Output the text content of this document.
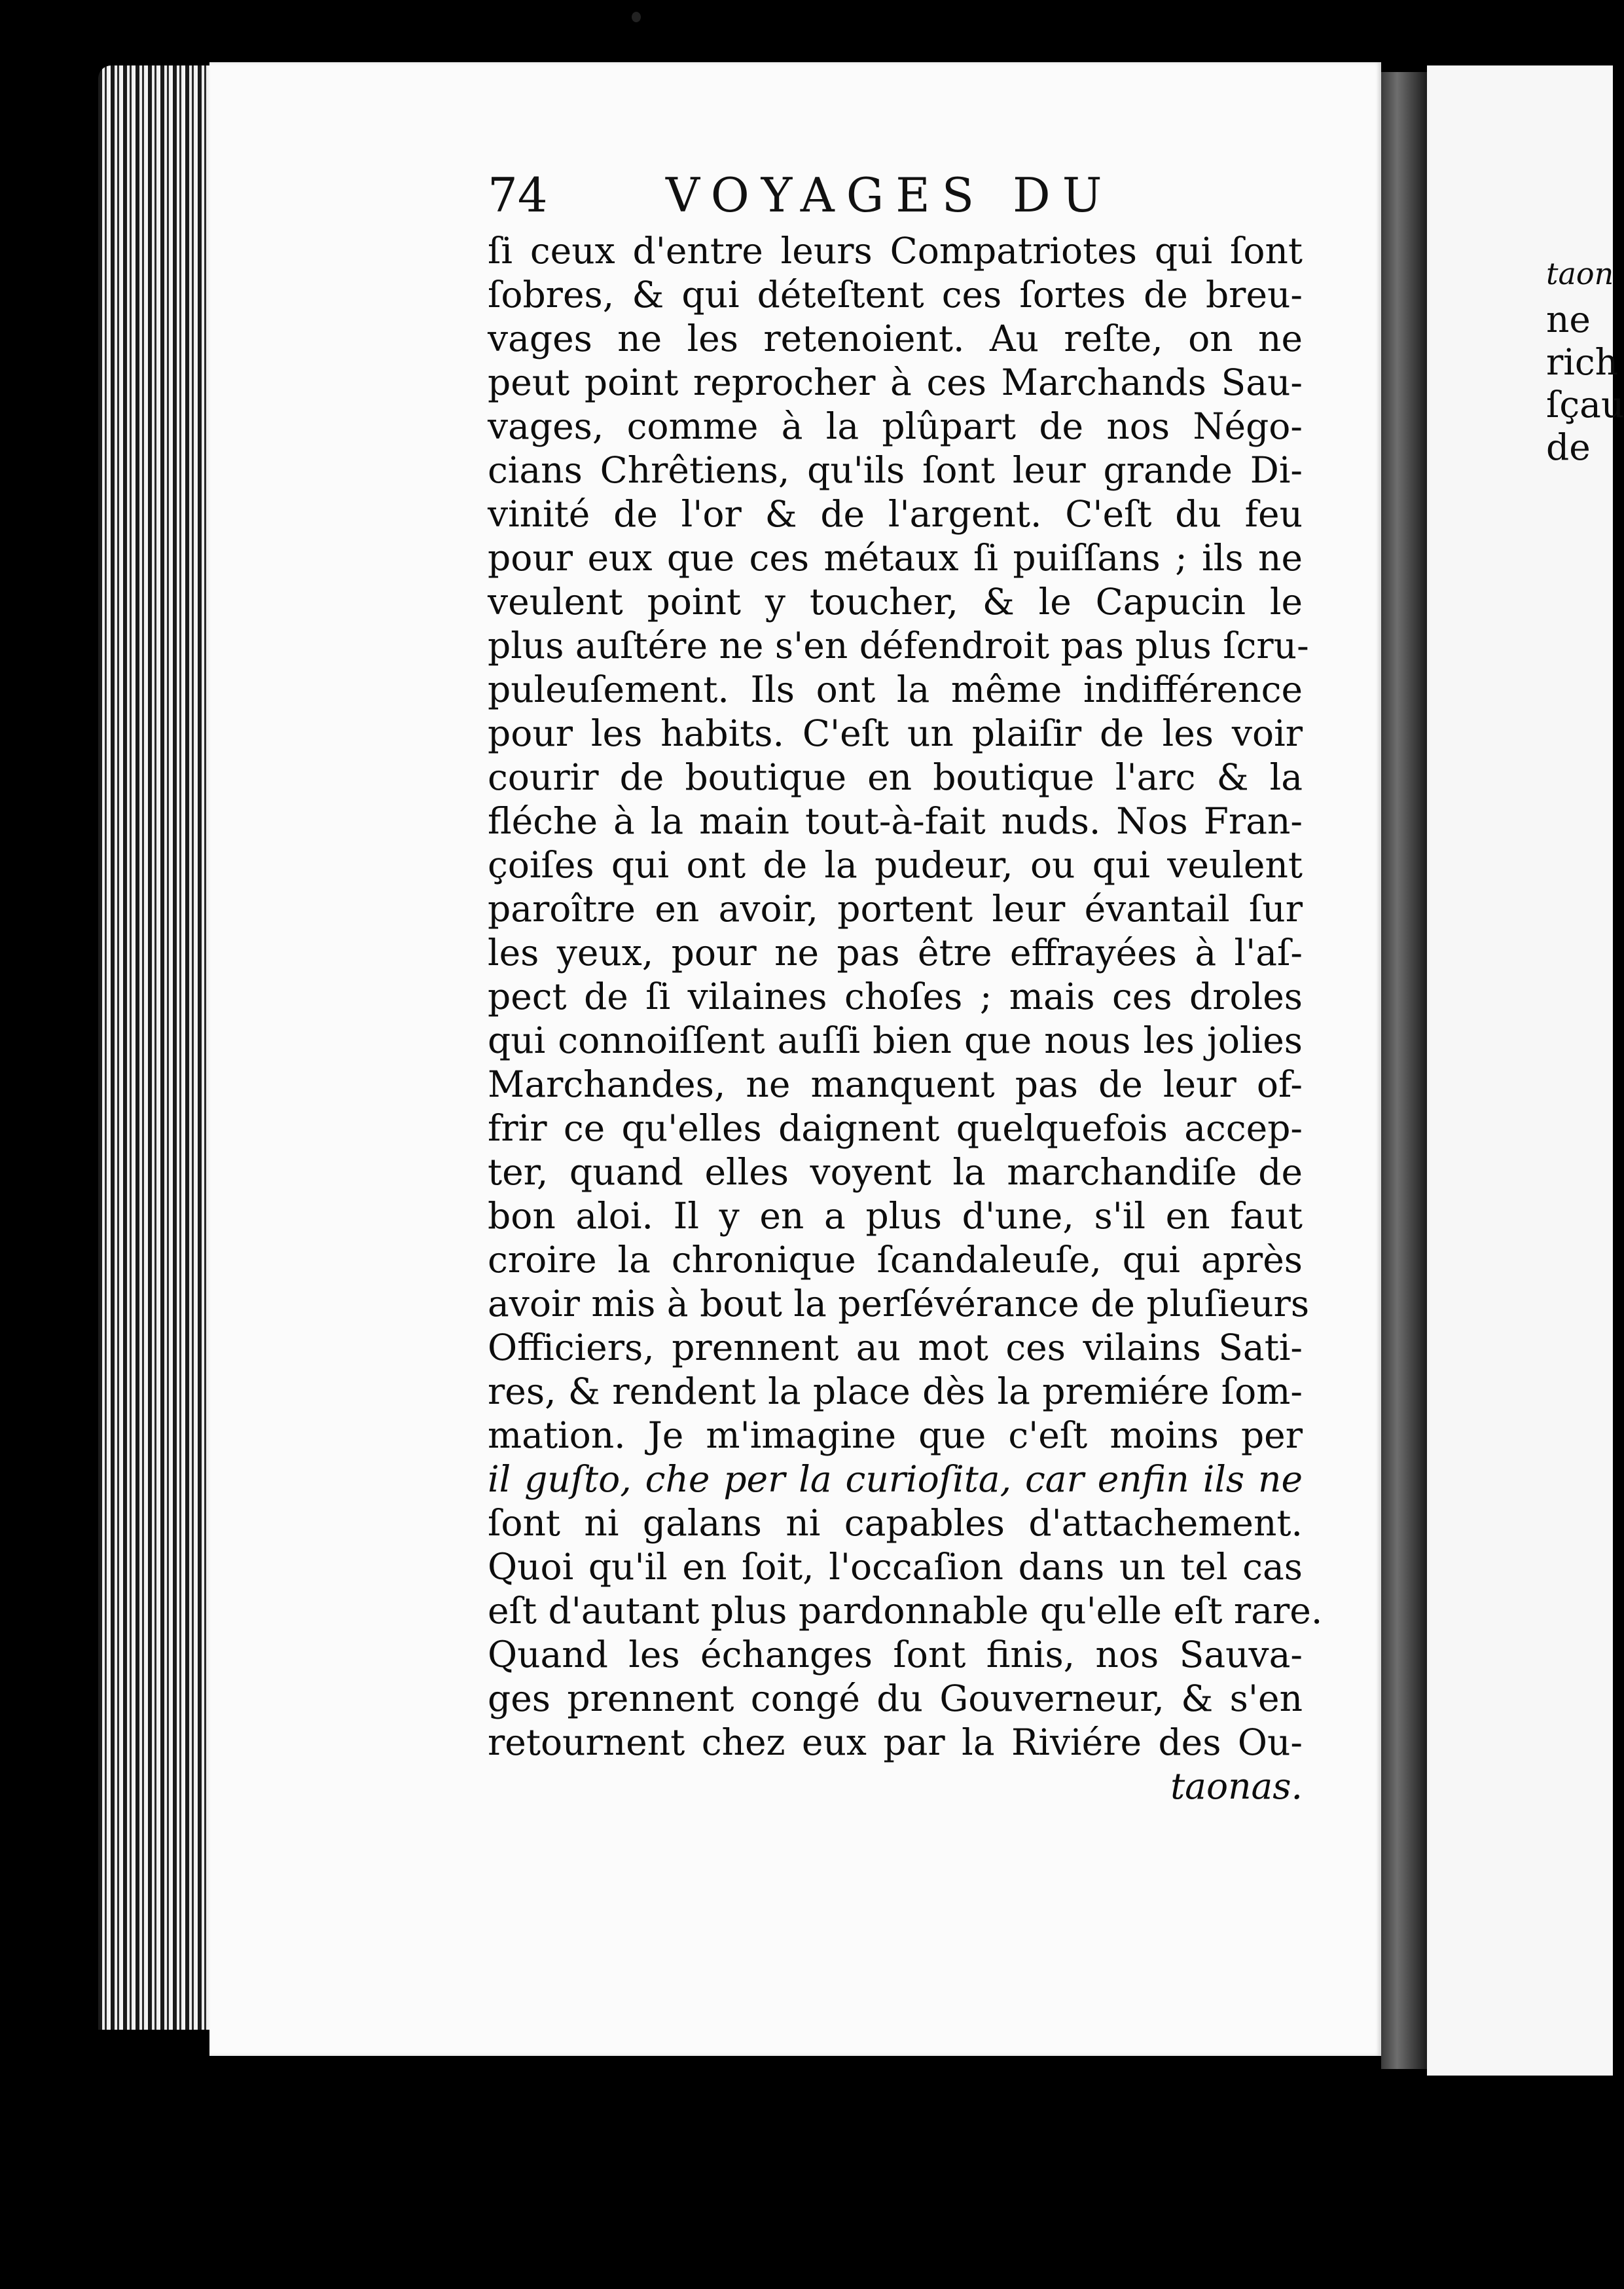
74	VOYAGES DU
ſi ceux d'entre leurs Compatriotes qui ſont
ſobres, & qui déteſtent ces ſortes de breu-
vages ne les retenoient. Au reſte, on ne
peut point reprocher à ces Marchands Sau-
vages, comme à la plûpart de nos Négo-
cians Chrêtiens, qu'ils ſont leur grande Di-
vinité de l'or & de l'argent. C'eſt du feu
pour eux que ces métaux ſi puiſſans ; ils ne
veulent point y toucher, & le Capucin le
plus auſtére ne s'en défendroit pas plus ſcru-
puleuſement. Ils ont la même indifférence
pour les habits. C'eſt un plaiſir de les voir
courir de boutique en boutique l'arc & la
fléche à la main tout-à-fait nuds. Nos Fran-
çoiſes qui ont de la pudeur, ou qui veulent
paroître en avoir, portent leur évantail ſur
les yeux, pour ne pas être effrayées à l'aſ-
pect de ſi vilaines choſes ; mais ces droles
qui connoiſſent auſſi bien que nous les jolies
Marchandes, ne manquent pas de leur of-
frir ce qu'elles daignent quelquefois accep-
ter, quand elles voyent la marchandiſe de
bon aloi. Il y en a plus d'une, s'il en faut
croire la chronique ſcandaleuſe, qui après
avoir mis à bout la perſévérance de pluſieurs
Officiers, prennent au mot ces vilains Sati-
res, & rendent la place dès la premiére ſom-
mation. Je m'imagine que c'eſt moins per
il guſto, che per la curioſita, car enfin ils ne
ſont ni galans ni capables d'attachement.
Quoi qu'il en ſoit, l'occaſion dans un tel cas
eſt d'autant plus pardonnable qu'elle eſt rare.
Quand les échanges ſont finis, nos Sauva-
ges prennent congé du Gouverneur, & s'en
retournent chez eux par la Riviére des Ou-
taonas.
taon
ne
rich
ſçau
de
